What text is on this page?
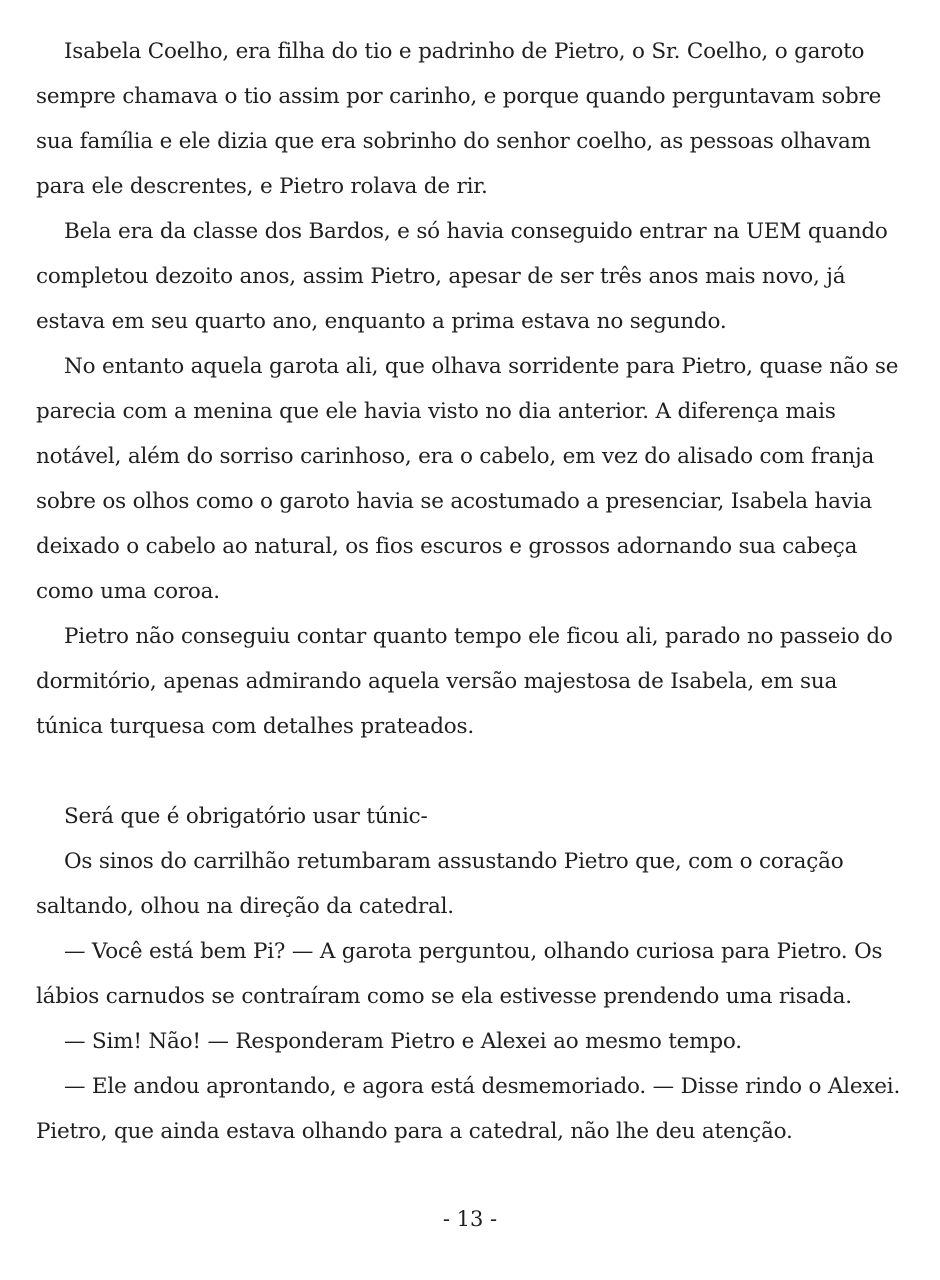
Isabela Coelho, era filha do tio e padrinho de Pietro, o Sr. Coelho, o garoto sempre chamava o tio assim por carinho, e porque quando perguntavam sobre sua família e ele dizia que era sobrinho do senhor coelho, as pessoas olhavam para ele descrentes, e Pietro rolava de rir.

Bela era da classe dos Bardos, e só havia conseguido entrar na UEM quando completou dezoito anos, assim Pietro, apesar de ser três anos mais novo, já estava em seu quarto ano, enquanto a prima estava no segundo.

No entanto aquela garota ali, que olhava sorridente para Pietro, quase não se parecia com a menina que ele havia visto no dia anterior. A diferença mais notável, além do sorriso carinhoso, era o cabelo, em vez do alisado com franja sobre os olhos como o garoto havia se acostumado a presenciar, Isabela havia deixado o cabelo ao natural, os fios escuros e grossos adornando sua cabeça como uma coroa.

Pietro não conseguiu contar quanto tempo ele ficou ali, parado no passeio do dormitório, apenas admirando aquela versão majestosa de Isabela, em sua túnica turquesa com detalhes prateados.

Será que é obrigatório usar túnic-

Os sinos do carrilhão retumbaram assustando Pietro que, com o coração saltando, olhou na direção da catedral.

— Você está bem Pi? — A garota perguntou, olhando curiosa para Pietro. Os lábios carnudos se contraíram como se ela estivesse prendendo uma risada.

— Sim! Não! — Responderam Pietro e Alexei ao mesmo tempo.

— Ele andou aprontando, e agora está desmemoriado. — Disse rindo o Alexei. Pietro, que ainda estava olhando para a catedral, não lhe deu atenção.

- 13 -
